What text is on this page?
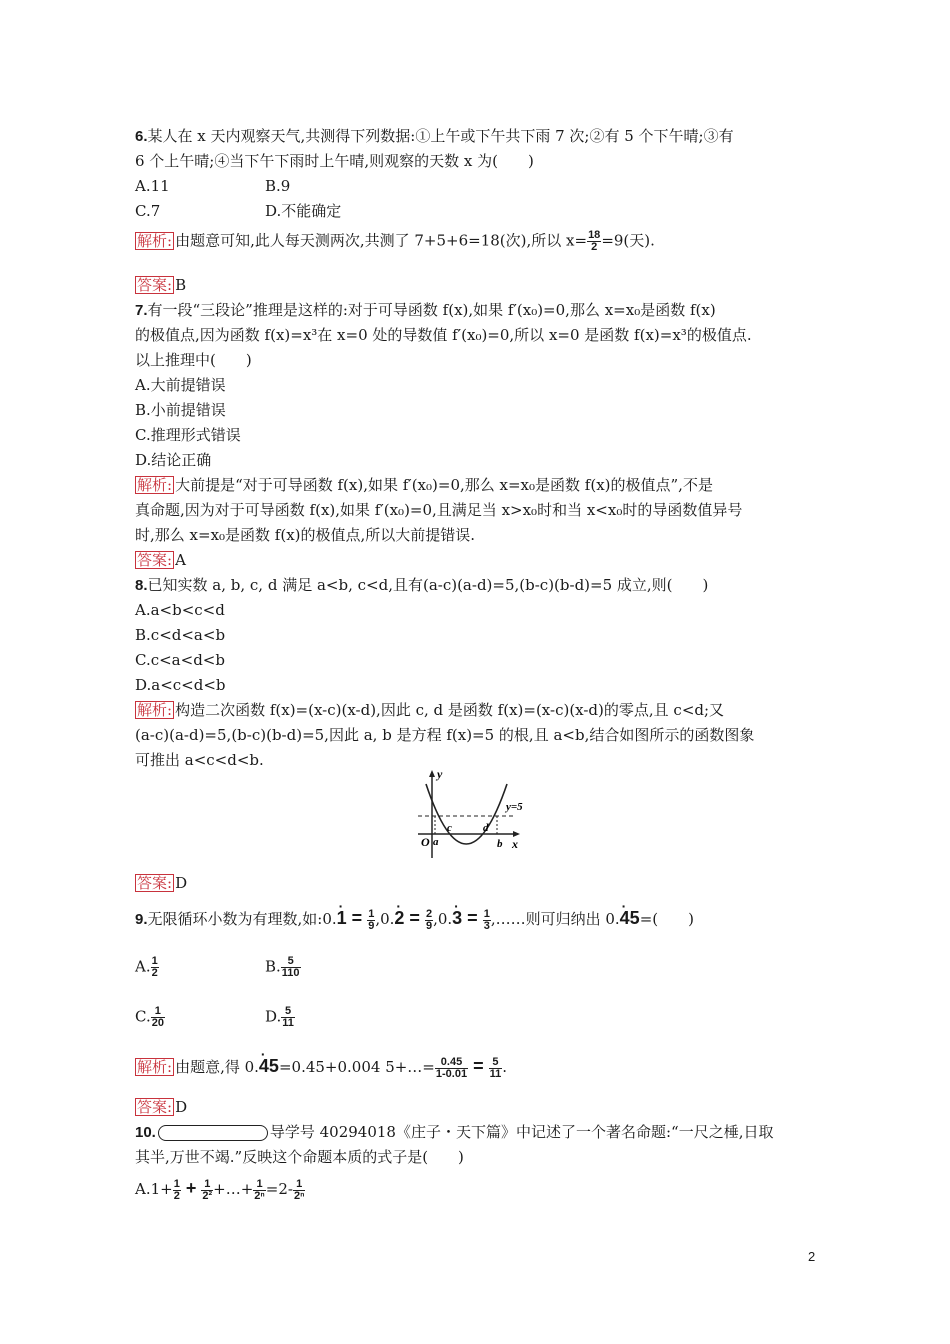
6.某人在 x 天内观察天气,共测得下列数据:①上午或下午共下雨 7 次;②有 5 个下午晴;③有
6 个上午晴;④当下午下雨时上午晴,则观察的天数 x 为(　　)
A.11	B.9
C.7	D.不能确定
解析: 由题意可知,此人每天测两次,共测了 7+5+6=18(次),所以 $x= \frac{18}{2} =9$(天).
答案: B
7.有一段“三段论”推理是这样的:对于可导函数 f(x),如果 f′(x₀)=0,那么 x=x₀是函数 f(x)
的极值点,因为函数 f(x)=x³在 x=0 处的导数值 f′(x₀)=0,所以 x=0 是函数 f(x)=x³的极值点.
以上推理中(　　)
A.大前提错误
B.小前提错误
C.推理形式错误
D.结论正确
解析: 大前提是“对于可导函数 f(x),如果 f′(x₀)=0,那么 x=x₀是函数 f(x)的极值点”,不是
真命题,因为对于可导函数 f(x),如果 f′(x₀)=0,且满足当 x>x₀时和当 x<x₀时的导函数值异号
时,那么 x=x₀是函数 f(x)的极值点,所以大前提错误.
答案: A
8.已知实数 a, b, c, d 满足 a<b, c<d,且有(a-c)(a-d)=5,(b-c)(b-d)=5 成立,则(　　)
A.a<b<c<d
B.c<d<a<b
C.c<a<d<b
D.a<c<d<b
解析: 构造二次函数 f(x)=(x-c)(x-d),因此 c, d 是函数 f(x)=(x-c)(x-d)的零点,且 c<d;又
(a-c)(a-d)=5,(b-c)(b-d)=5,因此 a, b 是方程 f(x)=5 的根,且 a<b,结合如图所示的函数图象
可推出 a<c<d<b.
y
x
O
y=5
a
c	d
b
答案: D
9.无限循环小数为有理数,如:0.· $1 = \frac{1}{9} ,0.\cdot 2 = \frac{2}{9} ,0.\cdot 3 = \frac{1}{3}$ ,……则可归纳出 0.· 45=(　　)
A. $\frac{1}{2}$	B. $\frac{5}{110}$
C. $\frac{1}{20}$	D. $\frac{5}{11}$
解析: 由题意,得 0.· 45=0.45+0.004 5+…= $\frac{0.45}{1-0.01} = \frac{5}{11}$ .
答案: D
10.	导学号 40294018《庄子・天下篇》中记述了一个著名命题:“一尺之棰,日取
其半,万世不竭.”反映这个命题本质的式子是(　　)
$A.1+ \frac{1}{2} + \frac{1}{\text{2²}}$ +…+ $\frac{1}{\text{2ⁿ}} =2- \frac{1}{\text{2ⁿ}}$
2
